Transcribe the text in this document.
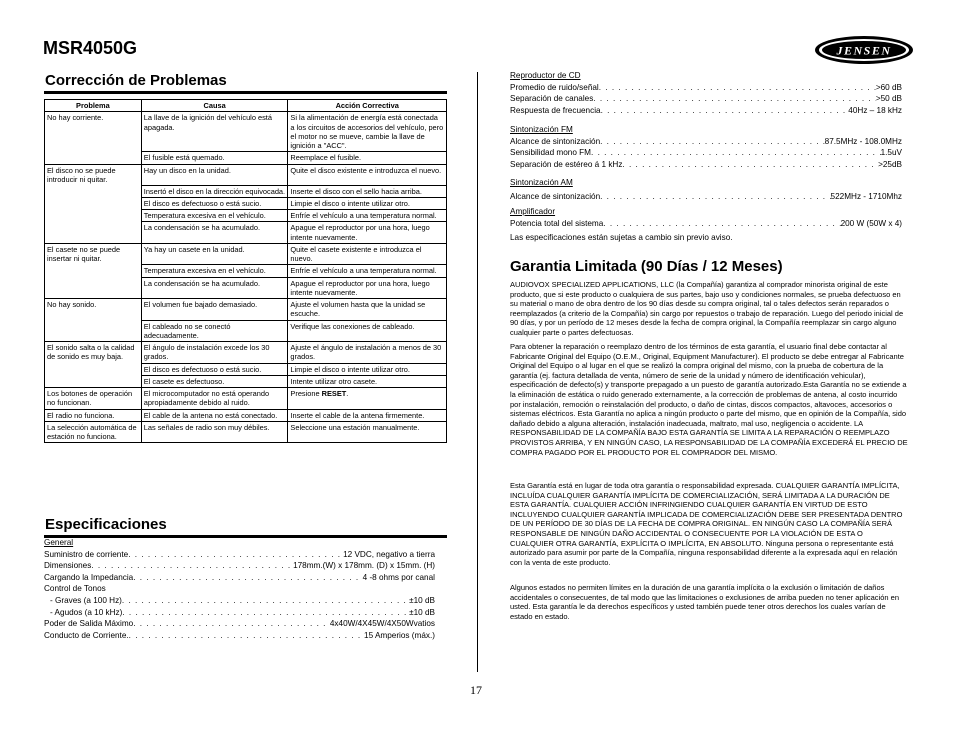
MSR4050G	JENSEN
Corrección de Problemas
Problema	Causa	Acción Correctiva
No hay corriente.	La llave de la ignición del vehículo está apagada.	Si la alimentación de energía está conectada a los circuitos de accesorios del vehículo, pero el motor no se mueve, cambie la llave de ignición a "ACC".
	El fusible está quemado.	Reemplace el fusible.
El disco no se puede introducir ni quitar.	Hay un disco en la unidad.	Quite el disco existente e introduzca el nuevo.
	Insertó el disco en la dirección equivocada.	Inserte el disco con el sello hacia arriba.
	El disco es defectuoso o está sucio.	Limpie el disco o intente utilizar otro.
	Temperatura excesiva en el vehículo.	Enfríe el vehículo a una temperatura normal.
	La condensación se ha acumulado.	Apague el reproductor por una hora, luego intente nuevamente.
El casete no se puede insertar ni quitar.	Ya hay un casete en la unidad.	Quite el casete existente e introduzca el nuevo.
	Temperatura excesiva en el vehículo.	Enfríe el vehículo a una temperatura normal.
	La condensación se ha acumulado.	Apague el reproductor por una hora, luego intente nuevamente.
No hay sonido.	El volumen fue bajado demasiado.	Ajuste el volumen hasta que la unidad se escuche.
	El cableado no se conectó adecuadamente.	Verifique las conexiones de cableado.
El sonido salta o la calidad de sonido es muy baja.	El ángulo de instalación excede los 30 grados.	Ajuste el ángulo de instalación a menos de 30 grados.
	El disco es defectuoso o está sucio.	Limpie el disco o intente utilizar otro.
	El casete es defectuoso.	Intente utilizar otro casete.
Los botones de operación no funcionan.	El microcomputador no está operando apropiadamente debido al ruido.	Presione RESET.
El radio no funciona.	El cable de la antena no está conectado.	Inserte el cable de la antena firmemente.
La selección automática de estación no funciona.	Las señales de radio son muy débiles.	Seleccione una estación manualmente.
Especificaciones
General
Suministro de corriente . . .	12 VDC, negativo a tierra
Dimensiones . . .	178mm.(W) x 178mm. (D) x 15mm. (H)
Cargando la Impedancia . . .	4 -8 ohms por canal
Control de Tonos
- Graves (a 100 Hz) . . .	±10 dB
- Agudos (a 10 kHz) . . .	±10 dB
Poder de Salida Máximo . . .	4x40W/4X45W/4X50Wvatios
Conducto de Corriente. . . .	15 Amperios (máx.)
Reproductor de CD
Promedio de ruido/señal . . .	>60 dB
Separación de canales . . .	>50 dB
Respuesta de frecuencia . . .	40Hz – 18 kHz
Sintonización FM
Alcance de sintonización . . .	87.5MHz - 108.0MHz
Sensibilidad mono FM . . .	1.5uV
Separación de estéreo á 1 kHz . . .	>25dB
Sintonización AM
Alcance de sintonización . . .	522MHz - 1710Mhz
Amplificador
Potencia total del sistema . . .	200 W (50W x 4)
Las especificaciones están sujetas a cambio sin previo aviso.
Garantia Limitada (90 Días / 12 Meses)
AUDIOVOX SPECIALIZED APPLICATIONS, LLC (la Compañía) garantiza al comprador minorista original de este producto, que si este producto o cualquiera de sus partes, bajo uso y condiciones normales, se prueba defectuoso en su material o mano de obra dentro de los 90 días desde su compra original, tal o tales defectos serán reparados o reemplazados (a criterio de la Compañía) sin cargo por repuestos o trabajo de reparación. Luego del periodo inicial de 90 días, y por un período de 12 meses desde la fecha de compra original, la Compañía reemplazar sin cargo alguno cualquier parte o partes defectuosas.
Para obtener la reparación o reemplazo dentro de los términos de esta garantía, el usuario final debe contactar al Fabricante Original del Equipo (O.E.M., Original, Equipment Manufacturer). El producto se debe entregar al Fabricante Original del Equipo o al lugar en el que se realizó la compra original del mismo, con la prueba de cobertura de la garantía (ej. factura detallada de venta, número de serie de la unidad y número de identificación vehicular), especificación de defecto(s) y transporte prepagado a un puesto de garantía autorizado.Esta Garantía no se extiende a la eliminación de estática o ruido generado externamente, a la corrección de problemas de antena, al costo incurrido por instalación, remoción o reinstalación del producto, o daño de cintas, discos compactos, altavoces, accesorios o sistemas eléctricos. Esta Garantía no aplica a ningún producto o parte del mismo, que en opinión de la Compañía, sido dañado debido a alguna alteración, instalación inadecuada, maltrato, mal uso, negligencia o accidente. LA RESPONSABILIDAD DE LA COMPAÑÍA BAJO ESTA GARANTÍA SE LIMITA A LA REPARACIÓN O REEMPLAZO PROVISTOS ARRIBA, Y EN NINGÚN CASO, LA RESPONSABILIDAD DE LA COMPAÑÍA EXCEDERÁ EL PRECIO DE COMPRA PAGADO POR EL PRODUCTO POR EL COMPRADOR DEL MISMO.
Esta Garantía está en lugar de toda otra garantía o responsabilidad expresada. CUALQUIER GARANTÍA IMPLÍCITA, INCLUÍDA CUALQUIER GARANTÍA IMPLÍCITA DE COMERCIALIZACIÓN, SERÁ LIMITADA A LA DURACIÓN DE ESTA GARANTÍA. CUALQUIER ACCIÓN INFRINGIENDO CUALQUIER GARANTÍA EN VIRTUD DE ESTO INCLUYENDO CUALQUIER GARANTÍA IMPLICADA DE COMERCIALIZACIÓN DEBE SER PRESENTADA DENTRO DE UN PERÍODO DE 30 DÍAS DE LA FECHA DE COMPRA ORIGINAL. EN NINGÚN CASO LA COMPAÑÍA SERÁ RESPONSABLE DE NINGÚN DAÑO ACCIDENTAL O CONSECUENTE POR LA VIOLACIÓN DE ESTA O CUALQUIER OTRA GARANTÍA, EXPLÍCITA O IMPLÍCITA, EN ABSOLUTO. Ninguna persona o representante está autorizado para asumir por parte de la Compañía, ninguna responsabilidad diferente a la expresada aquí en relación con la venta de este producto.
Algunos estados no permiten límites en la duración de una garantía implícita o la exclusión o limitación de daños accidentales o consecuentes, de tal modo que las limitaciones o exclusiones de arriba pueden no tener aplicación en usted. Esta garantía le da derechos específicos y usted también puede tener otros derechos los cuales varían de estado en estado.
17
